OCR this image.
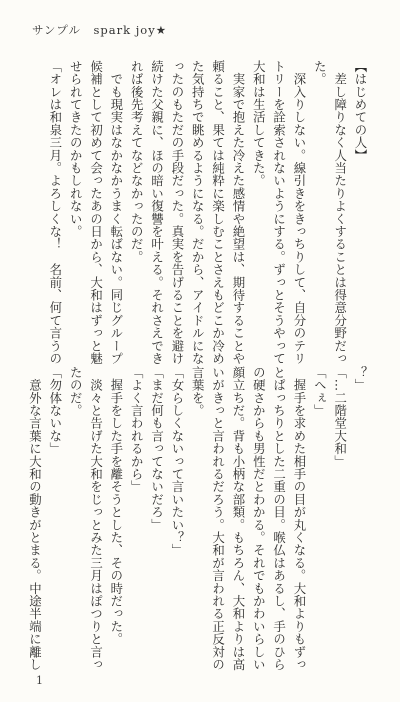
サンプル　spark joy★
【はじめての人】
　差し障りなく人当たりよくすることは得意分野だっ
た。
　深入りしない。線引きをきっちりして、自分のテリ
トリーを詮索されないようにする。ずっとそうやって
大和は生活してきた。
　実家で抱えた冷えた感情や絶望は、期待することや
頼ること、果ては純粋に楽しむことさえもどこか冷め
た気持ちで眺めるようになる。だから、アイドルにな
ったのもただの手段だった。真実を告げることを避け
続けた父親に、ほの暗い復讐を叶える。それさえでき
れば後先考えてなどなかったのだ。
　でも現実はなかなかうまく転ばない。同じグループ
候補として初めて会ったあの日から、大和はずっと魅
せられてきたのかもしれない。
「オレは和泉三月。よろしくな！　名前、何て言うの
？」
「…二階堂大和」
「へぇ」
　握手を求めた相手の目が丸くなる。大和よりもずっ
とぱっちりとした二重の目。喉仏はあるし、手のひら
の硬さからも男性だとわかる。それでもかわいらしい
顔立ちだ。背も小柄な部類。もちろん、大和よりは高
いがきっと言われるだろう。大和が言われる正反対の
言葉を。
「女らしくないって言いたい？」
「まだ何も言ってないだろ」
「よく言われるから」
　握手をした手を離そうとした、その時だった。
　淡々と告げた大和をじっとみた三月はぽつりと言っ
たのだ。
「勿体ないな」
　意外な言葉に大和の動きがとまる。中途半端に離し
1
